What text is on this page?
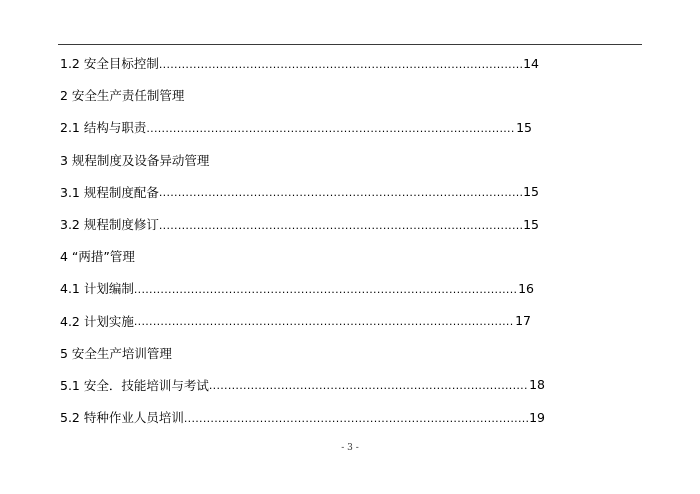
1.2 安全目标控制 .....	14
2 安全生产责任制管理
2.1 结构与职责 .....	15
3 规程制度及设备异动管理
3.1 规程制度配备 .....	15
3.2 规程制度修订 .....	15
4 “两措”管理
4.1 计划编制 .....	16
4.2 计划实施 .....	17
5 安全生产培训管理
5.1 安全．技能培训与考试 .....	18
5.2 特种作业人员培训 .....	19
- 3 -
